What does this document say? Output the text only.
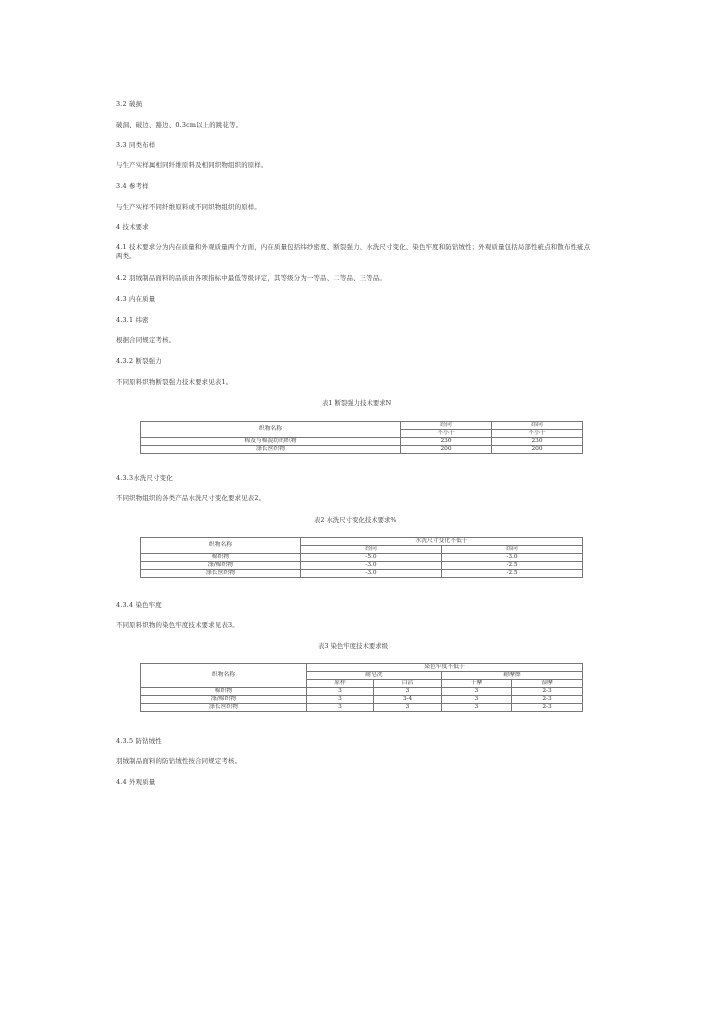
3.2 破损
破洞、破边、豁边、0.3cm以上的跳花等。
3.3 同类布样
与生产实样属相同纤维原料及相同织物组织的原样。
3.4 参考样
与生产实样不同纤维原料或不同织物组织的原样。
4 技术要求
4.1 技术要求分为内在质量和外观质量两个方面，内在质量包括纬纱密度、断裂强力、水洗尺寸变化、染色牢度和防钻绒性；外观质量包括局部性疵点和散布性疵点两类。
4.2 羽绒制品面料的品质由各项指标中最低等级评定，其等级分为一等品、二等品、三等品。
4.3 内在质量
4.3.1 纬密
根据合同规定考核。
4.3.2 断裂强力
不同原料织物断裂强力技术要求见表1。
表1 断裂强力技术要求N
织物名称	经向	纬向
	不小于	不小于
棉及与棉混纺的织物	230	230
涤长丝织物	200	200
4.3.3水洗尺寸变化
不同织物组织的各类产品水洗尺寸变化要求见表2。
表2 水洗尺寸变化技术要求%
织物名称	水洗尺寸变化不低于	
	经向	纬向
棉织物	-5.0	-3.0
涤/棉织物	-3.0	-2.5
涤长丝织物	-3.0	-2.5
4.3.4 染色牢度
不同原料织物的染色牢度技术要求见表3。
表3 染色牢度技术要求级
织物名称	染色牢度不低于			
	耐皂洗		耐摩擦	
	原样	白沾	干摩	湿摩
棉织物	3	3	3	2-3
涤/棉织物	3	3-4	3	2-3
涤长丝织物	3	3	3	2-3
4.3.5 防钻绒性
羽绒制品面料的防钻绒性按合同规定考核。
4.4 外观质量
